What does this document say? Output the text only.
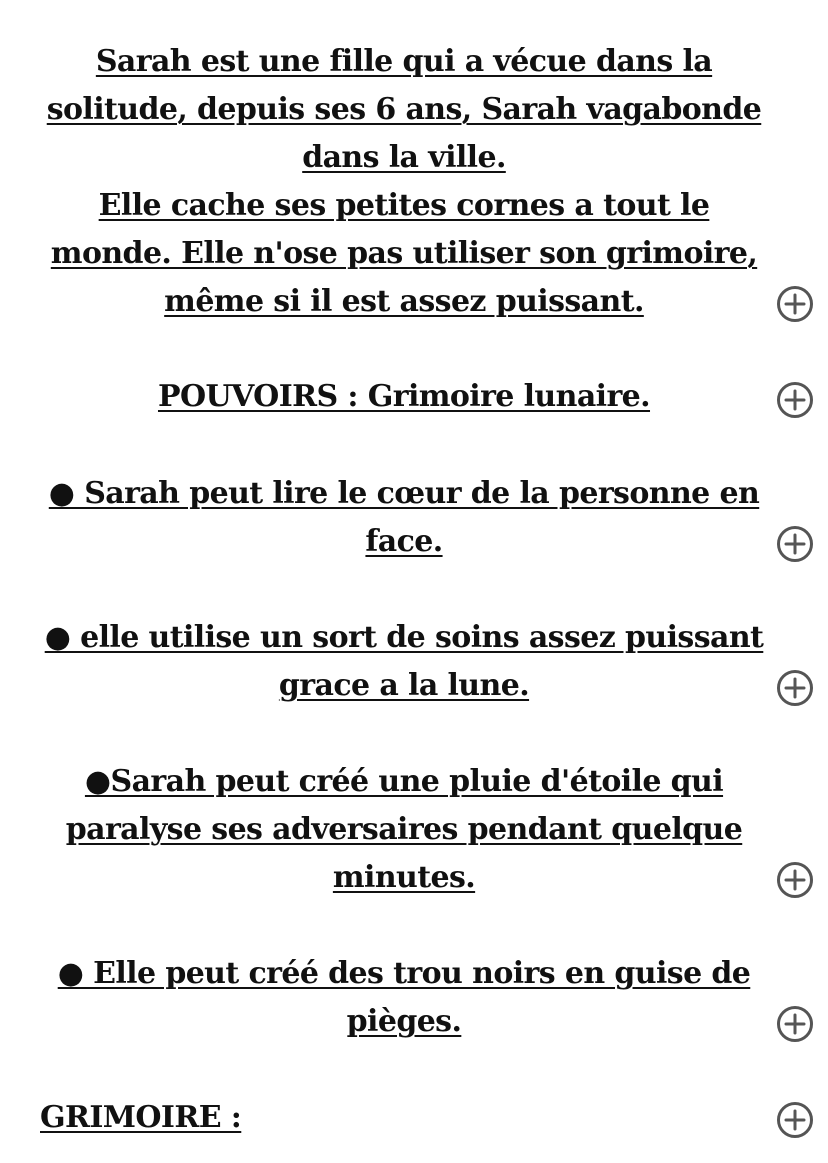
Sarah est une fille qui a vécue dans la
solitude, depuis ses 6 ans, Sarah vagabonde
dans la ville.
Elle cache ses petites cornes a tout le
monde. Elle n'ose pas utiliser son grimoire,
même si il est assez puissant.
POUVOIRS : Grimoire lunaire.
● Sarah peut lire le cœur de la personne en
face.
● elle utilise un sort de soins assez puissant
grace a la lune.
●Sarah peut créé une pluie d'étoile qui
paralyse ses adversaires pendant quelque
minutes.
● Elle peut créé des trou noirs en guise de
pièges.
GRIMOIRE :
